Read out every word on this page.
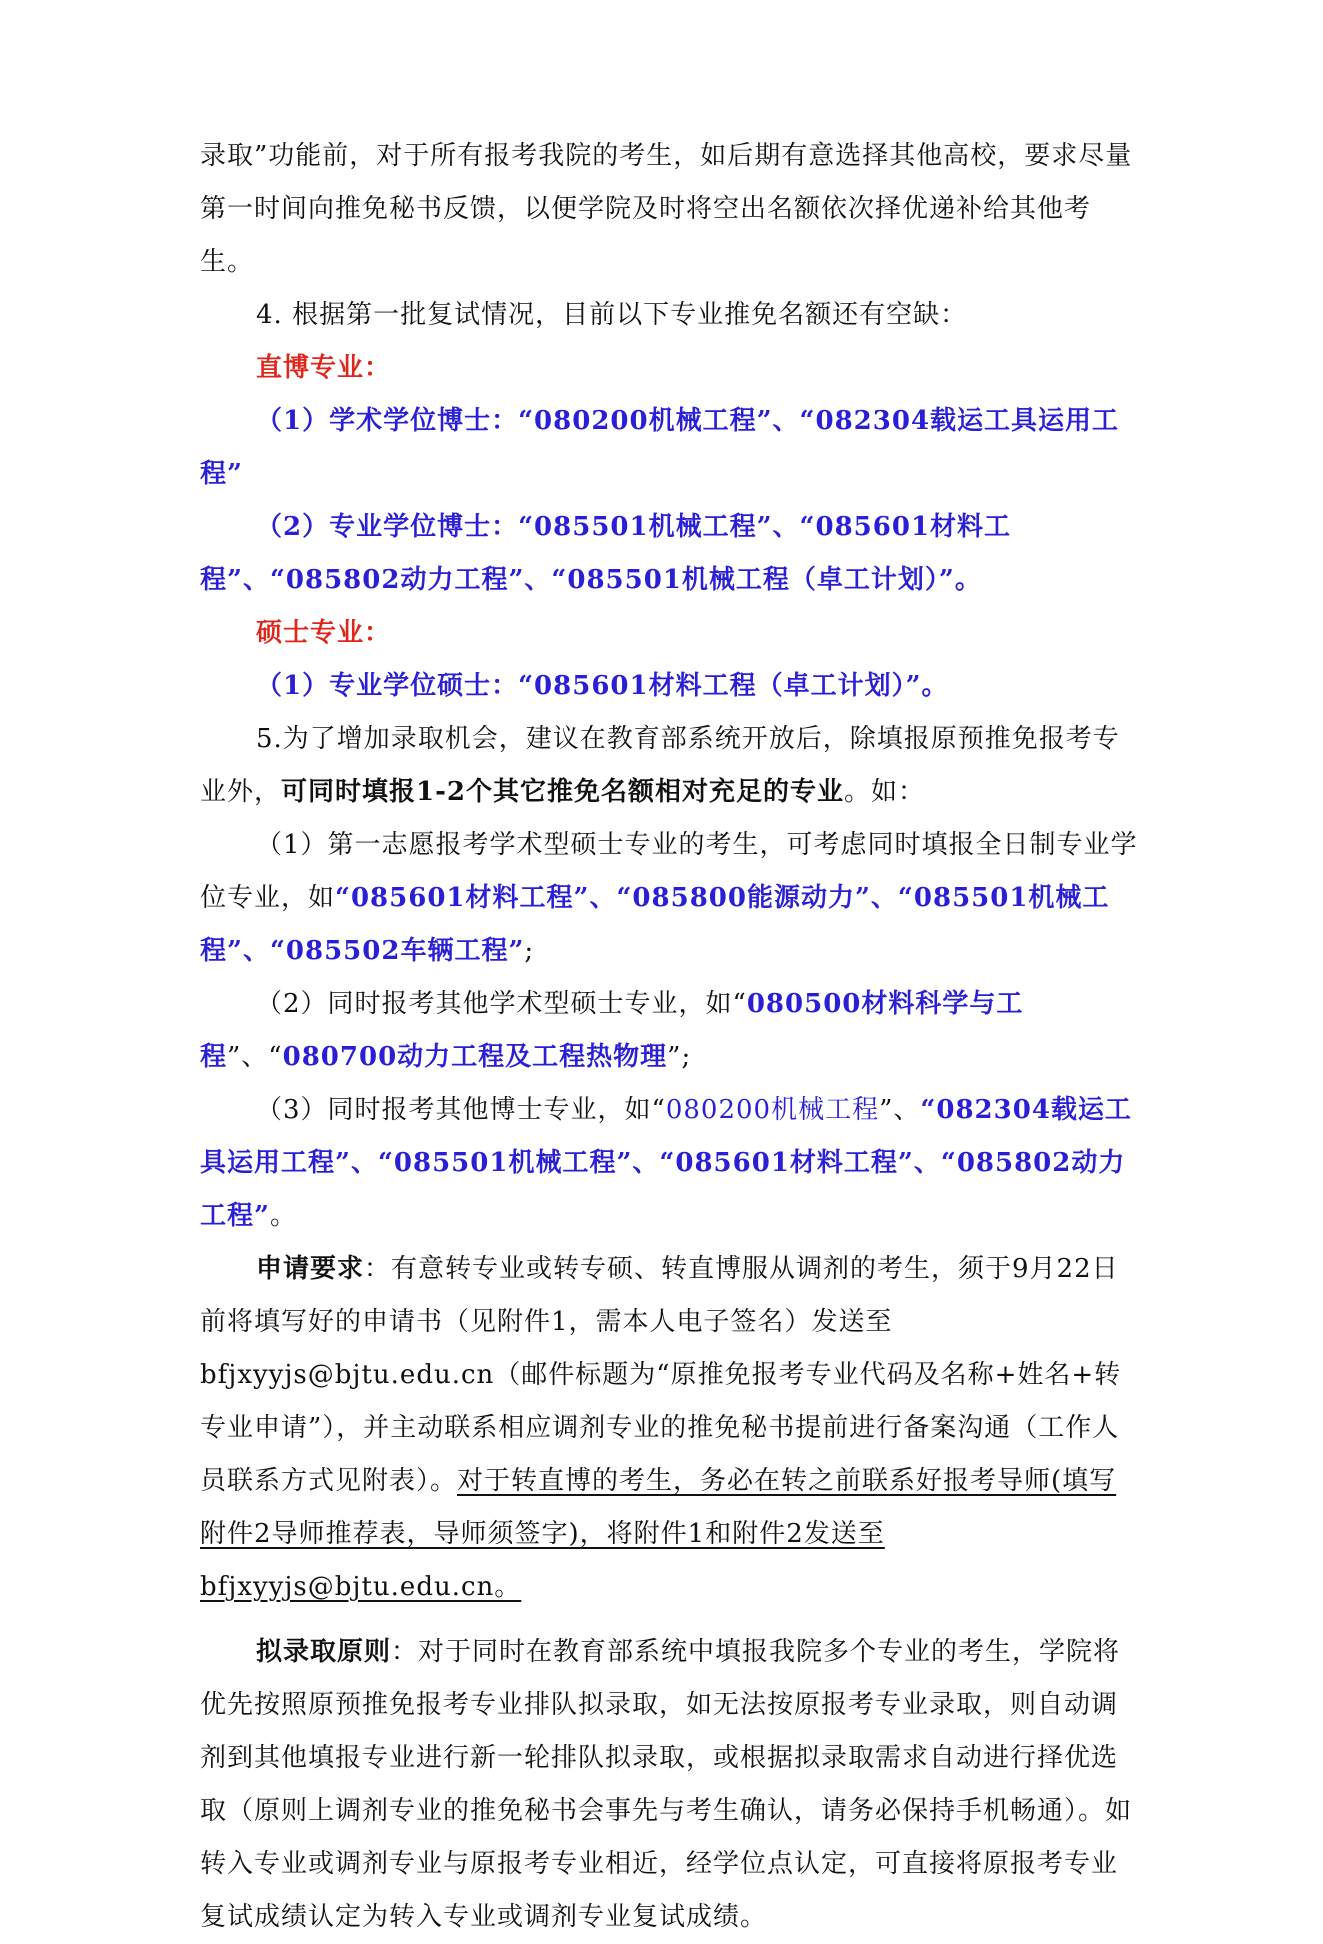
录取”功能前，对于所有报考我院的考生，如后期有意选择其他高校，要求尽量第一时间向推免秘书反馈，以便学院及时将空出名额依次择优递补给其他考生。

4. 根据第一批复试情况，目前以下专业推免名额还有空缺：

直博专业：

（1）学术学位博士：“080200机械工程”、“082304载运工具运用工程”

（2）专业学位博士：“085501机械工程”、“085601材料工程”、“085802动力工程”、“085501机械工程（卓工计划）”。

硕士专业：

（1）专业学位硕士：“085601材料工程（卓工计划）”。

5.为了增加录取机会，建议在教育部系统开放后，除填报原预推免报考专业外，可同时填报1-2个其它推免名额相对充足的专业。如：

（1）第一志愿报考学术型硕士专业的考生，可考虑同时填报全日制专业学位专业，如“085601材料工程”、“085800能源动力”、“085501机械工程”、“085502车辆工程”;

（2）同时报考其他学术型硕士专业，如“080500材料科学与工程”、“080700动力工程及工程热物理”;

（3）同时报考其他博士专业，如“080200机械工程”、“082304载运工具运用工程”、“085501机械工程”、“085601材料工程”、“085802动力工程”。

申请要求：有意转专业或转专硕、转直博服从调剂的考生，须于9月22日前将填写好的申请书（见附件1，需本人电子签名）发送至bfjxyyjs@bjtu.edu.cn（邮件标题为“原推免报考专业代码及名称+姓名+转专业申请”），并主动联系相应调剂专业的推免秘书提前进行备案沟通（工作人员联系方式见附表）。对于转直博的考生，务必在转之前联系好报考导师(填写附件2导师推荐表，导师须签字)，将附件1和附件2发送至bfjxyyjs@bjtu.edu.cn。

拟录取原则：对于同时在教育部系统中填报我院多个专业的考生，学院将优先按照原预推免报考专业排队拟录取，如无法按原报考专业录取，则自动调剂到其他填报专业进行新一轮排队拟录取，或根据拟录取需求自动进行择优选取（原则上调剂专业的推免秘书会事先与考生确认，请务必保持手机畅通）。如转入专业或调剂专业与原报考专业相近，经学位点认定，可直接将原报考专业复试成绩认定为转入专业或调剂专业复试成绩。
